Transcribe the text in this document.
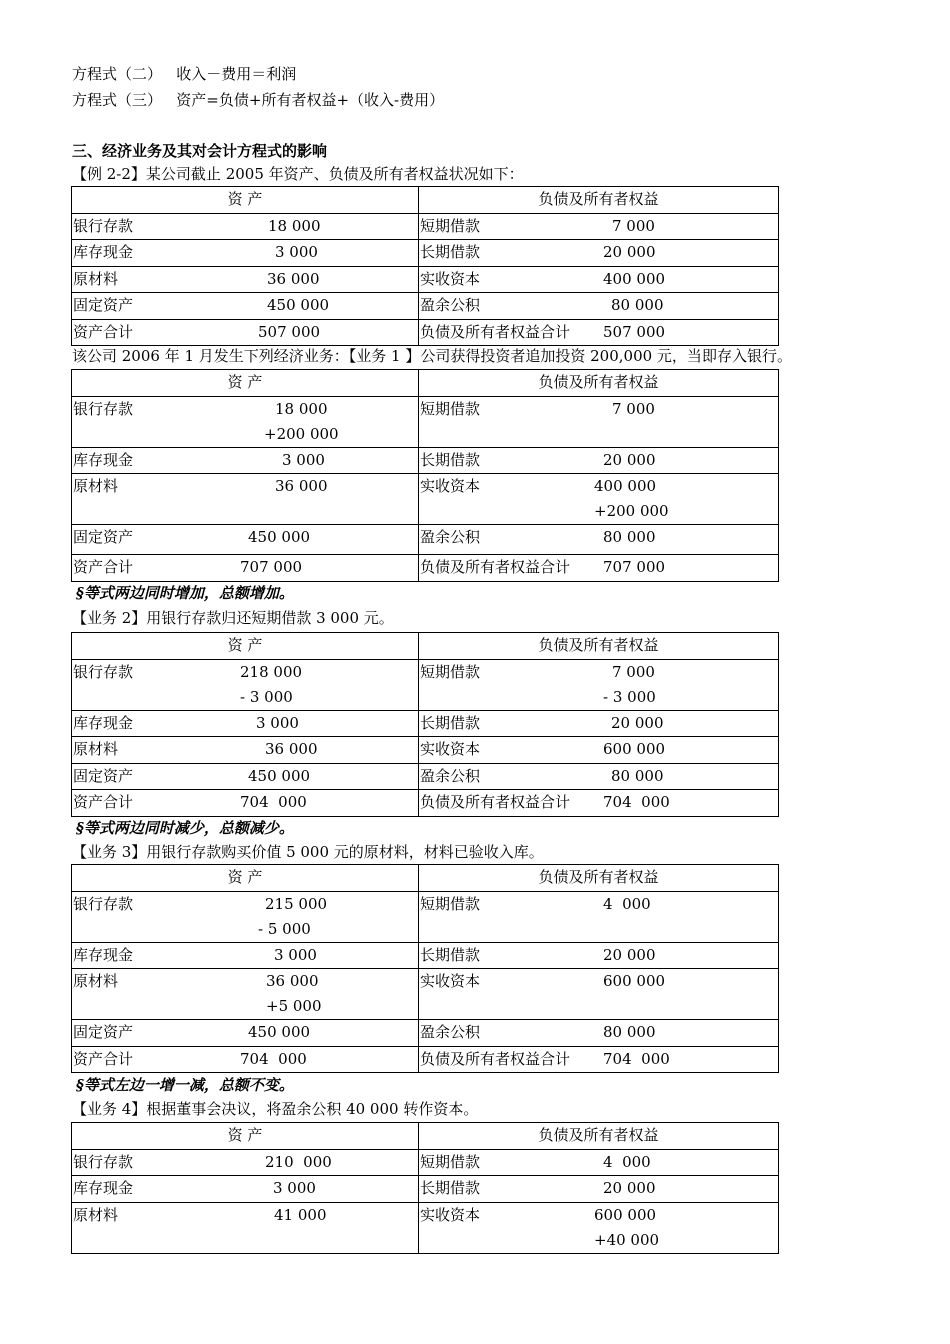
方程式（二）   收入－费用＝利润
方程式（三）   资产=负债+所有者权益+（收入-费用）
三、经济业务及其对会计方程式的影响
【例 2-2】某公司截止 2005 年资产、负债及所有者权益状况如下：
资 产	负债及所有者权益

银行存款 18 000	短期借款 7 000

库存现金 3 000	长期借款 20 000

原材料 36 000	实收资本 400 000

固定资产 450 000	盈余公积 80 000

资产合计 507 000	负债及所有者权益合计 507 000

该公司 2006 年 1 月发生下列经济业务：【业务 1 】公司获得投资者追加投资 200,000 元，当即存入银行。
资 产	负债及所有者权益

银行存款 18 000
+200 000	短期借款 7 000

库存现金 3 000	长期借款 20 000

原材料 36 000	实收资本 400 000
+200 000

固定资产 450 000	盈余公积 80 000

资产合计 707 000	负债及所有者权益合计 707 000

§等式两边同时增加，总额增加。
【业务 2】用银行存款归还短期借款 3 000 元。
资 产	负债及所有者权益

银行存款 218 000
- 3 000	短期借款 7 000
- 3 000

库存现金 3 000	长期借款 20 000

原材料 36 000	实收资本 600 000

固定资产 450 000	盈余公积 80 000

资产合计 704  000	负债及所有者权益合计 704  000

§等式两边同时减少，总额减少。
【业务 3】用银行存款购买价值 5 000 元的原材料，材料已验收入库。
资 产	负债及所有者权益

银行存款 215 000
- 5 000	短期借款 4  000

库存现金 3 000	长期借款 20 000

原材料 36 000
+5 000	实收资本 600 000

固定资产 450 000	盈余公积 80 000

资产合计 704  000	负债及所有者权益合计 704  000

§等式左边一增一减，总额不变。
【业务 4】根据董事会决议，将盈余公积 40 000 转作资本。
资 产	负债及所有者权益

银行存款 210  000	短期借款 4  000

库存现金 3 000	长期借款 20 000

原材料 41 000	实收资本 600 000
+40 000
